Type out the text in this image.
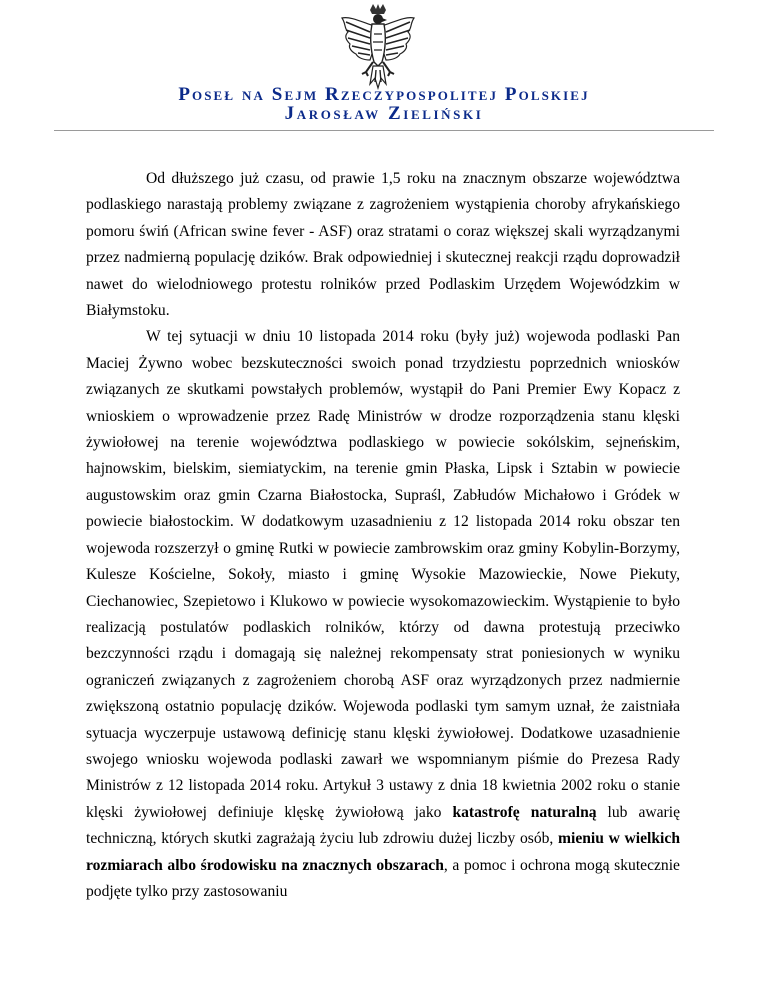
Poseł na Sejm Rzeczypospolitej Polskiej
Jarosław Zieliński

Od dłuższego już czasu, od prawie 1,5 roku na znacznym obszarze województwa podlaskiego narastają problemy związane z zagrożeniem wystąpienia choroby afrykańskiego pomoru świń (African swine fever - ASF) oraz stratami o coraz większej skali wyrządzanymi przez nadmierną populację dzików. Brak odpowiedniej i skutecznej reakcji rządu doprowadził nawet do wielodniowego protestu rolników przed Podlaskim Urzędem Wojewódzkim w Białymstoku.

W tej sytuacji w dniu 10 listopada 2014 roku (były już) wojewoda podlaski Pan Maciej Żywno wobec bezskuteczności swoich ponad trzydziestu poprzednich wniosków związanych ze skutkami powstałych problemów, wystąpił do Pani Premier Ewy Kopacz z wnioskiem o wprowadzenie przez Radę Ministrów w drodze rozporządzenia stanu klęski żywiołowej na terenie województwa podlaskiego w powiecie sokólskim, sejneńskim, hajnowskim, bielskim, siemiatyckim, na terenie gmin Płaska, Lipsk i Sztabin w powiecie augustowskim oraz gmin Czarna Białostocka, Supraśl, Zabłudów Michałowo i Gródek w powiecie białostockim. W dodatkowym uzasadnieniu z 12 listopada 2014 roku obszar ten wojewoda rozszerzył o gminę Rutki w powiecie zambrowskim oraz gminy Kobylin-Borzymy, Kulesze Kościelne, Sokoły, miasto i gminę Wysokie Mazowieckie, Nowe Piekuty, Ciechanowiec, Szepietowo i Klukowo w powiecie wysokomazowieckim. Wystąpienie to było realizacją postulatów podlaskich rolników, którzy od dawna protestują przeciwko bezczynności rządu i domagają się należnej rekompensaty strat poniesionych w wyniku ograniczeń związanych z zagrożeniem chorobą ASF oraz wyrządzonych przez nadmiernie zwiększoną ostatnio populację dzików. Wojewoda podlaski tym samym uznał, że zaistniała sytuacja wyczerpuje ustawową definicję stanu klęski żywiołowej. Dodatkowe uzasadnienie swojego wniosku wojewoda podlaski zawarł we wspomnianym piśmie do Prezesa Rady Ministrów z 12 listopada 2014 roku. Artykuł 3 ustawy z dnia 18 kwietnia 2002 roku o stanie klęski żywiołowej definiuje klęskę żywiołową jako katastrofę naturalną lub awarię techniczną, których skutki zagrażają życiu lub zdrowiu dużej liczby osób, mieniu w wielkich rozmiarach albo środowisku na znacznych obszarach, a pomoc i ochrona mogą skutecznie podjęte tylko przy zastosowaniu
